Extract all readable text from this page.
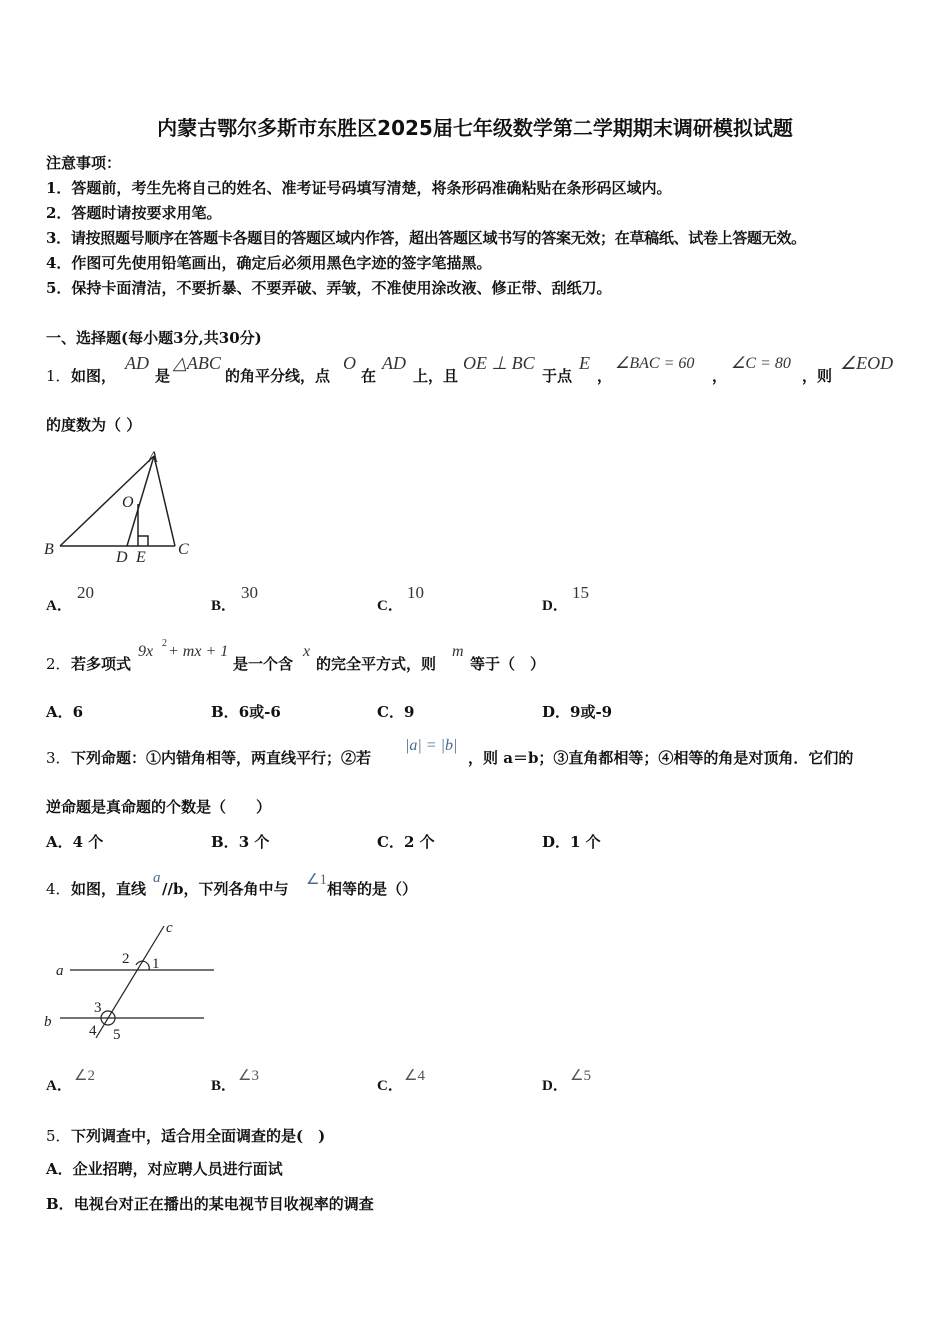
内蒙古鄂尔多斯市东胜区2025届七年级数学第二学期期末调研模拟试题
注意事项：
1．答题前，考生先将自己的姓名、准考证号码填写清楚，将条形码准确粘贴在条形码区域内。
2．答题时请按要求用笔。
3．请按照题号顺序在答题卡各题目的答题区域内作答，超出答题区域书写的答案无效；在草稿纸、试卷上答题无效。
4．作图可先使用铅笔画出，确定后必须用黑色字迹的签字笔描黑。
5．保持卡面清洁，不要折暴、不要弄破、弄皱，不准使用涂改液、修正带、刮纸刀。
一、选择题(每小题3分,共30分)
1． 如图，
AD
是
△ABC
的角平分线，点
O
在
AD
上，且
OE ⊥ BC
于点
E
，
∠BAC = 60
，
∠C = 80
，则
∠EOD
的度数为（ ）
A
B	C
D E
O
A．
20
B．
30
C．
10
D．
15
2． 若多项式
9x 2 + mx + 1
是一个含
x
的完全平方式，则
m
等于（　）
A．6	B．6或-6	C．9	D．9或-9
3． 下列命题：①内错角相等，两直线平行；②若
|a| = |b|
，则 a＝b；③直角都相等；④相等的角是对顶角．它们的
逆命题是真命题的个数是（　　）
A．4 个	B．3 个	C．2 个	D．1 个
4． 如图，直线
a
//b，下列各角中与 ∠1 相等的是（）
c
a
b
1
2
3
4 5
A．
∠2
B．
∠3
C．
∠4
D．
∠5
5． 下列调查中，适合用全面调查的是(　)
A．企业招聘，对应聘人员进行面试
B．电视台对正在播出的某电视节目收视率的调查
